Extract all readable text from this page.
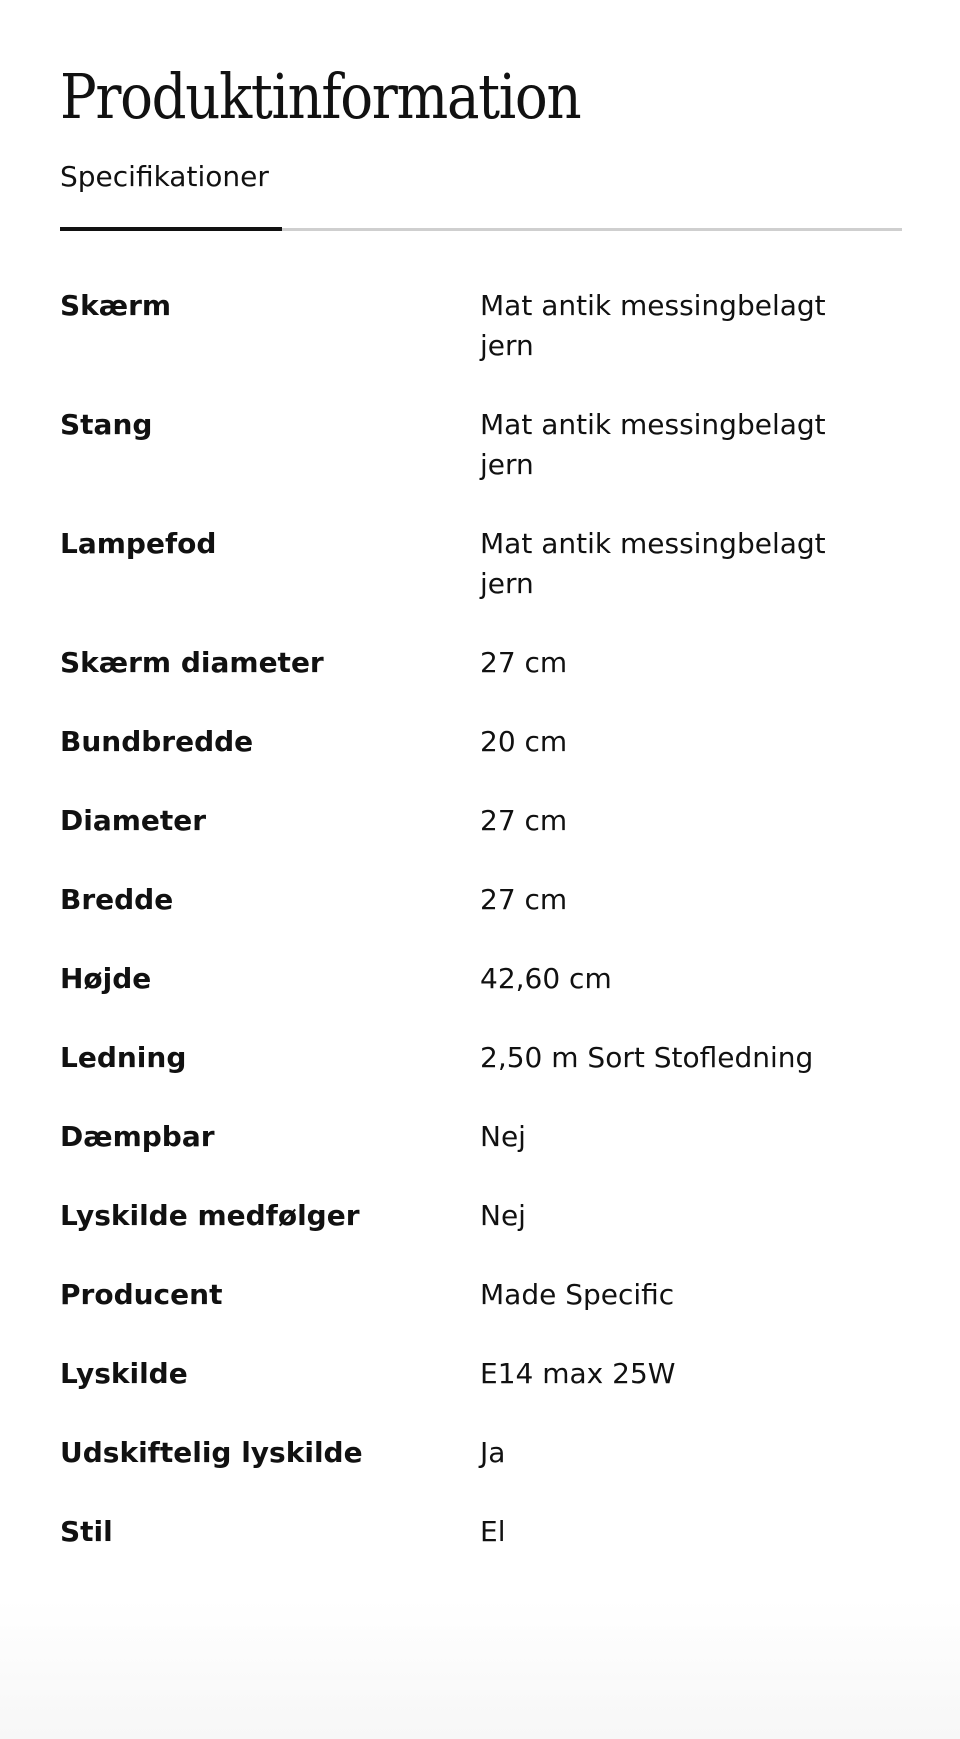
Produktinformation
Specifikationer
Skærm	Mat antik messingbelagt jern
Stang	Mat antik messingbelagt jern
Lampefod	Mat antik messingbelagt jern
Skærm diameter	27 cm
Bundbredde	20 cm
Diameter	27 cm
Bredde	27 cm
Højde	42,60 cm
Ledning	2,50 m Sort Stofledning
Dæmpbar	Nej
Lyskilde medfølger	Nej
Producent	Made Specific
Lyskilde	E14 max 25W
Udskiftelig lyskilde	Ja
Stil	El
